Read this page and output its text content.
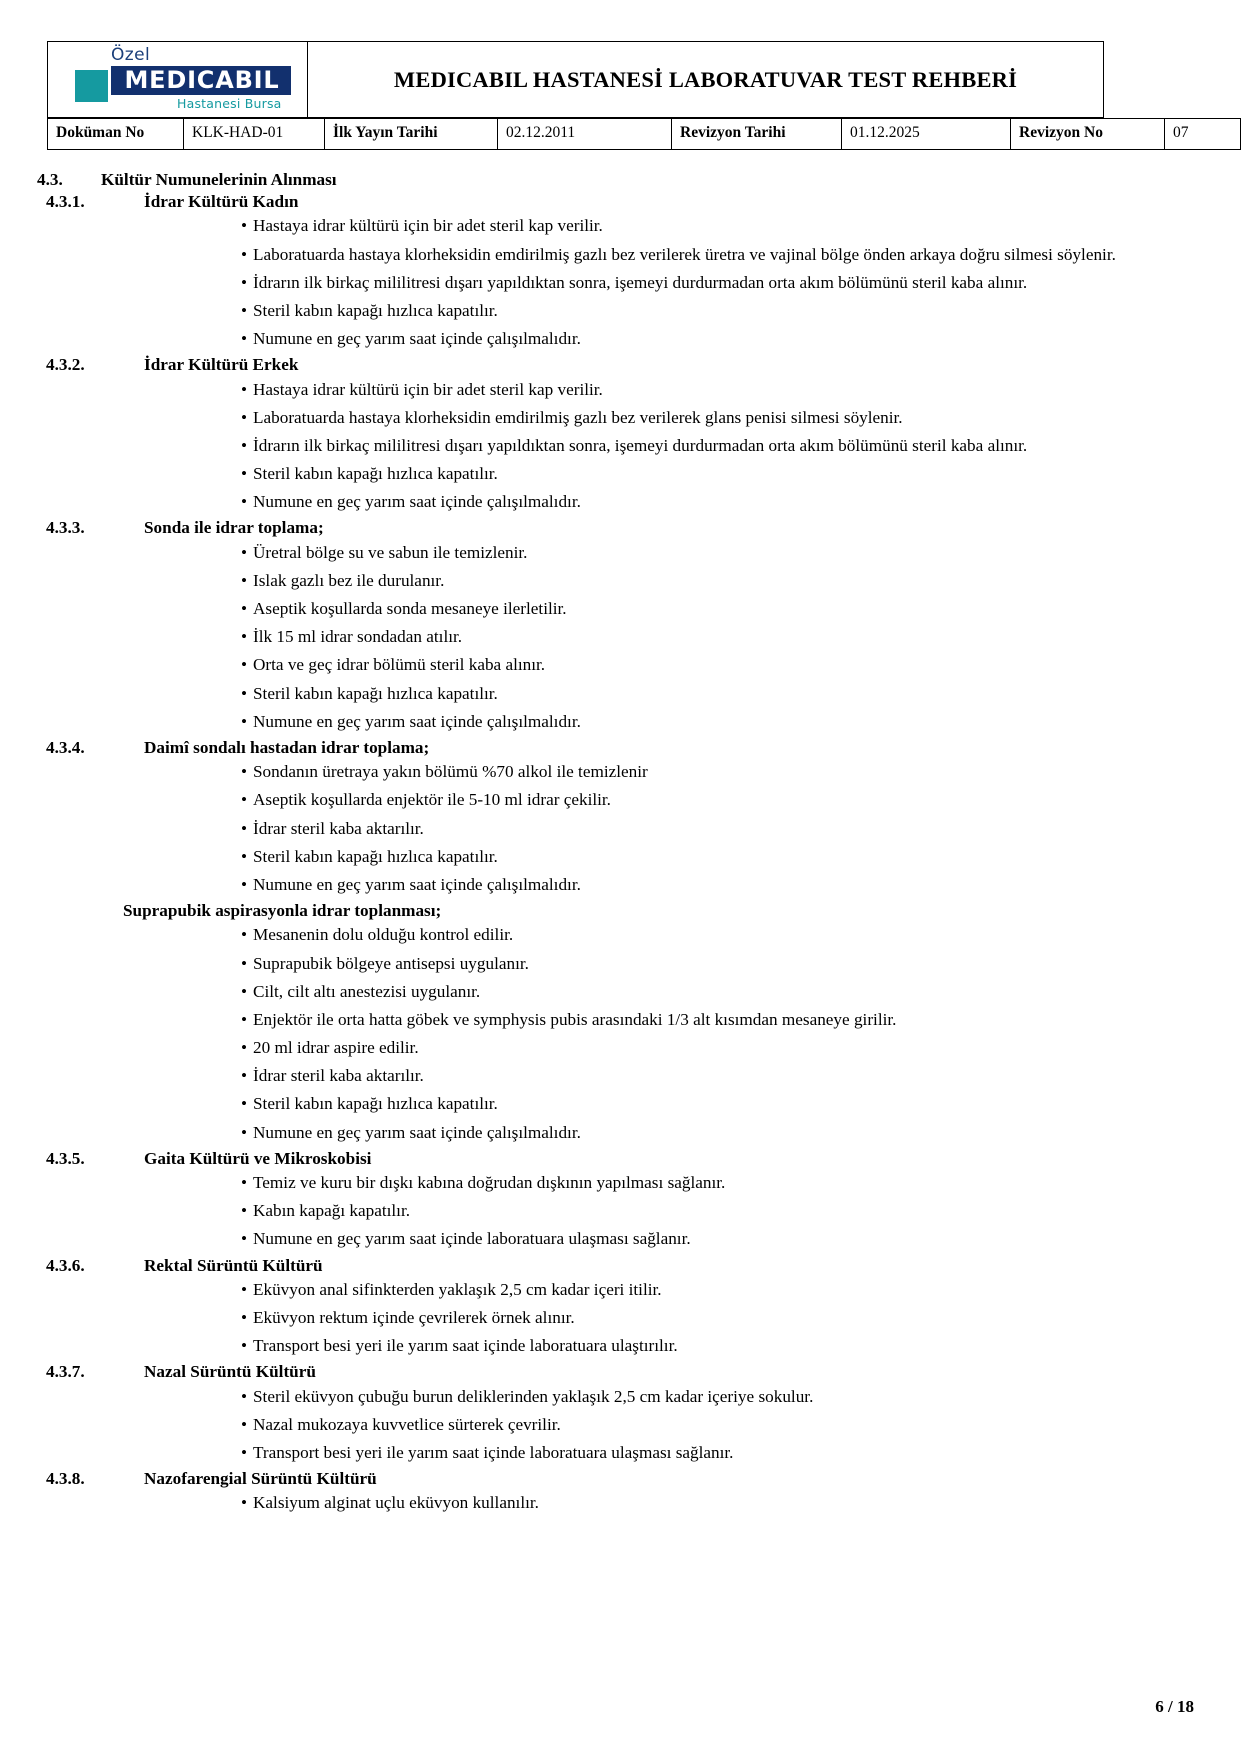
Özel
MEDICABIL
Hastanesi Bursa
	MEDICABIL HASTANESİ LABORATUVAR TEST REHBERİ
Doküman No	KLK-HAD-01	İlk Yayın Tarihi	02.12.2011	Revizyon Tarihi	01.12.2025	Revizyon No	07
4.3. Kültür Numunelerinin Alınması
4.3.1.	İdrar Kültürü Kadın
• Hastaya idrar kültürü için bir adet steril kap verilir.
• Laboratuarda hastaya klorheksidin emdirilmiş gazlı bez verilerek üretra ve vajinal bölge önden arkaya doğru silmesi söylenir.
• İdrarın ilk birkaç mililitresi dışarı yapıldıktan sonra, işemeyi durdurmadan orta akım bölümünü steril kaba alınır.
• Steril kabın kapağı hızlıca kapatılır.
• Numune en geç yarım saat içinde çalışılmalıdır.
4.3.2.	İdrar Kültürü Erkek
• Hastaya idrar kültürü için bir adet steril kap verilir.
• Laboratuarda hastaya klorheksidin emdirilmiş gazlı bez verilerek glans penisi silmesi söylenir.
• İdrarın ilk birkaç mililitresi dışarı yapıldıktan sonra, işemeyi durdurmadan orta akım bölümünü steril kaba alınır.
• Steril kabın kapağı hızlıca kapatılır.
• Numune en geç yarım saat içinde çalışılmalıdır.
4.3.3.	Sonda ile idrar toplama;
• Üretral bölge su ve sabun ile temizlenir.
• Islak gazlı bez ile durulanır.
• Aseptik koşullarda sonda mesaneye ilerletilir.
• İlk 15 ml idrar sondadan atılır.
• Orta ve geç idrar bölümü steril kaba alınır.
• Steril kabın kapağı hızlıca kapatılır.
• Numune en geç yarım saat içinde çalışılmalıdır.
4.3.4.	Daimî sondalı hastadan idrar toplama;
• Sondanın üretraya yakın bölümü %70 alkol ile temizlenir
• Aseptik koşullarda enjektör ile 5-10 ml idrar çekilir.
• İdrar steril kaba aktarılır.
• Steril kabın kapağı hızlıca kapatılır.
• Numune en geç yarım saat içinde çalışılmalıdır.
Suprapubik aspirasyonla idrar toplanması;
• Mesanenin dolu olduğu kontrol edilir.
• Suprapubik bölgeye antisepsi uygulanır.
• Cilt, cilt altı anestezisi uygulanır.
• Enjektör ile orta hatta göbek ve symphysis pubis arasındaki 1/3 alt kısımdan mesaneye girilir.
• 20 ml idrar aspire edilir.
• İdrar steril kaba aktarılır.
• Steril kabın kapağı hızlıca kapatılır.
• Numune en geç yarım saat içinde çalışılmalıdır.
4.3.5.	Gaita Kültürü ve Mikroskobisi
• Temiz ve kuru bir dışkı kabına doğrudan dışkının yapılması sağlanır.
• Kabın kapağı kapatılır.
• Numune en geç yarım saat içinde laboratuara ulaşması sağlanır.
4.3.6.	Rektal Sürüntü Kültürü
• Eküvyon anal sifinkterden yaklaşık 2,5 cm kadar içeri itilir.
• Eküvyon rektum içinde çevrilerek örnek alınır.
• Transport besi yeri ile yarım saat içinde laboratuara ulaştırılır.
4.3.7.	Nazal Sürüntü Kültürü
• Steril eküvyon çubuğu burun deliklerinden yaklaşık 2,5 cm kadar içeriye sokulur.
• Nazal mukozaya kuvvetlice sürterek çevrilir.
• Transport besi yeri ile yarım saat içinde laboratuara ulaşması sağlanır.
4.3.8.	Nazofarengial Sürüntü Kültürü
• Kalsiyum alginat uçlu eküvyon kullanılır.
6 / 18
